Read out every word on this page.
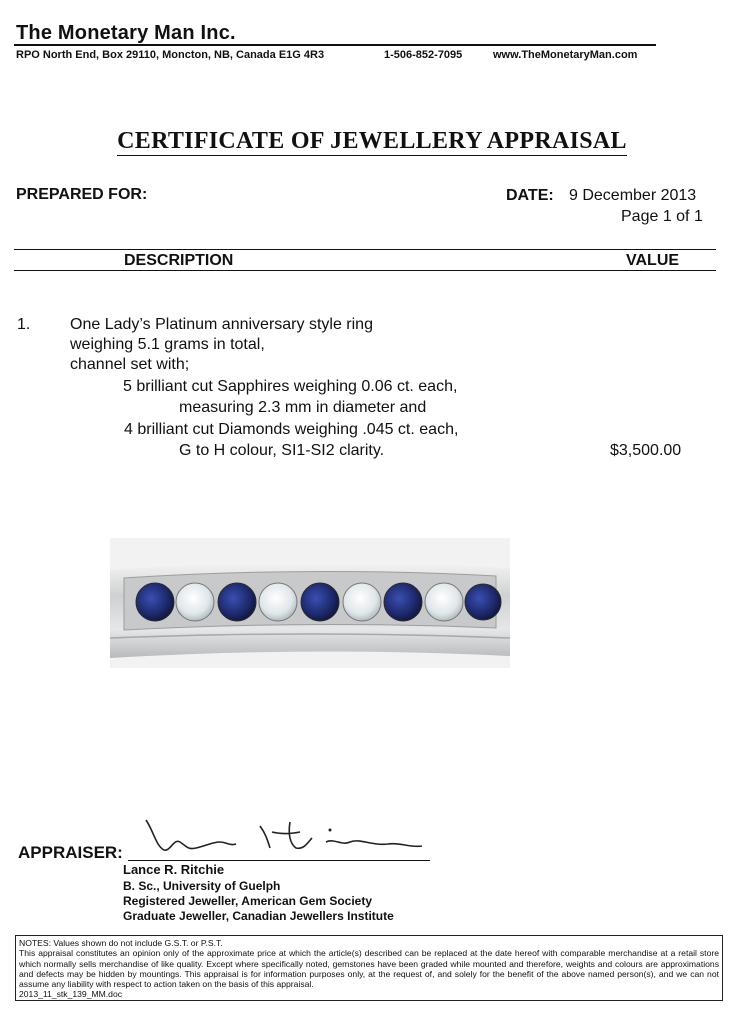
The Monetary Man Inc.
RPO North End, Box 29110, Moncton, NB, Canada E1G 4R3	1-506-852-7095	www.TheMonetaryMan.com
CERTIFICATE OF JEWELLERY APPRAISAL
PREPARED FOR:	DATE: 9 December 2013
Page 1 of 1
DESCRIPTION	VALUE
1. One Lady’s Platinum anniversary style ring
weighing 5.1 grams in total,
channel set with;
5 brilliant cut Sapphires weighing 0.06 ct. each,
measuring 2.3 mm in diameter and
4 brilliant cut Diamonds weighing .045 ct. each,
G to H colour, SI1-SI2 clarity.	$3,500.00
APPRAISER:
Lance R. Ritchie
B. Sc., University of Guelph
Registered Jeweller, American Gem Society
Graduate Jeweller, Canadian Jewellers Institute
NOTES: Values shown do not include G.S.T. or P.S.T.
This appraisal constitutes an opinion only of the approximate price at which the article(s) described can be replaced at the date hereof with comparable merchandise at a retail store which normally sells merchandise of like quality. Except where specifically noted, gemstones have been graded while mounted and therefore, weights and colours are approximations and defects may be hidden by mountings. This appraisal is for information purposes only, at the request of, and solely for the benefit of the above named person(s), and we can not assume any liability with respect to action taken on the basis of this appraisal.
2013_11_stk_139_MM.doc
